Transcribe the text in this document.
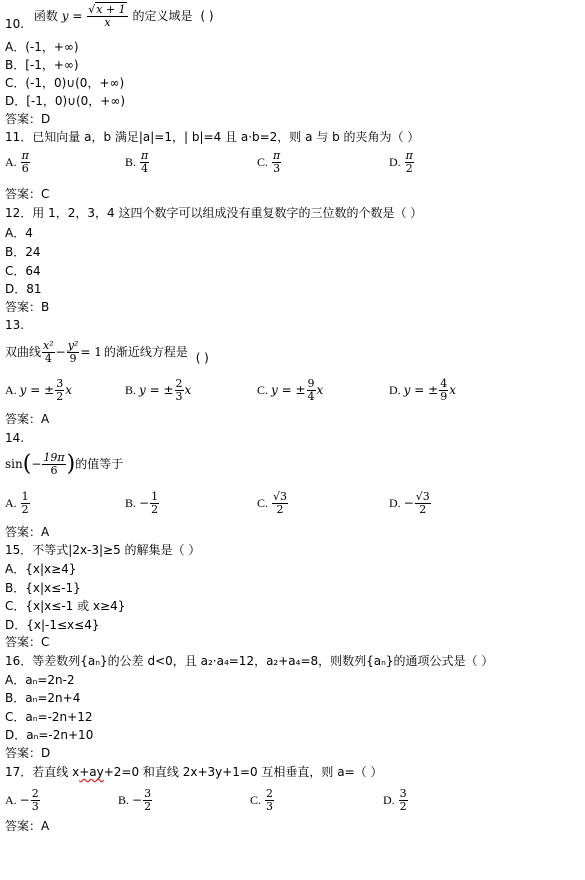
10. 函数 $y = \frac{√x + 1}{x}$ 的定义域是 ( )
A．(-1，+∞)
B．[-1，+∞)
C．(-1，0)∪(0，+∞)
D．[-1，0)∪(0，+∞)
答案：D
11．已知向量 a，b 满足|a|=1，| b|=4 且 a·b=2，则 a 与 b 的夹角为（ ）
A. $\frac{\pi}{6}$	B. $\frac{\pi}{4}$	C. $\frac{\pi}{3}$	D. $\frac{\pi}{2}$
答案：C
12．用 1，2，3，4 这四个数字可以组成没有重复数字的三位数的个数是（ ）
A．4
B．24
C．64
D．81
答案：B
13.
双曲线 $\frac{\text{x²}}{4} - \frac{\text{y²}}{9} = 1$ 的渐近线方程是 ( )
A. y = ± $\frac{3}{2}$ x	B. y = ± $\frac{2}{3}$ x	C. y = ± $\frac{9}{4}$ x	D. y = ± $\frac{4}{9}$ x
答案：A
14.
$\sin(- \frac{19\pi}{6}$ )的值等于
A. $\frac{1}{2}$	B. − $\frac{1}{2}$	C. $\frac{√3}{2}$	D. − $\frac{√3}{2}$
答案：A
15．不等式|2x-3|≥5 的解集是（ ）
A．{x|x≥4}
B．{x|x≤-1}
C．{x|x≤-1 或 x≥4}
D．{x|-1≤x≤4}
答案：C
16．等差数列{aₙ}的公差 d<0，且 a₂·a₄=12，a₂+a₄=8，则数列{aₙ}的通项公式是（ ）
A．aₙ=2n-2
B．aₙ=2n+4
C．aₙ=-2n+12
D．aₙ=-2n+10
答案：D
17．若直线 x+ay+2=0 和直线 2x+3y+1=0 互相垂直，则 a=（ ）
A. − $\frac{2}{3}$	B. − $\frac{3}{2}$	C. $\frac{2}{3}$	D. $\frac{3}{2}$
答案：A
